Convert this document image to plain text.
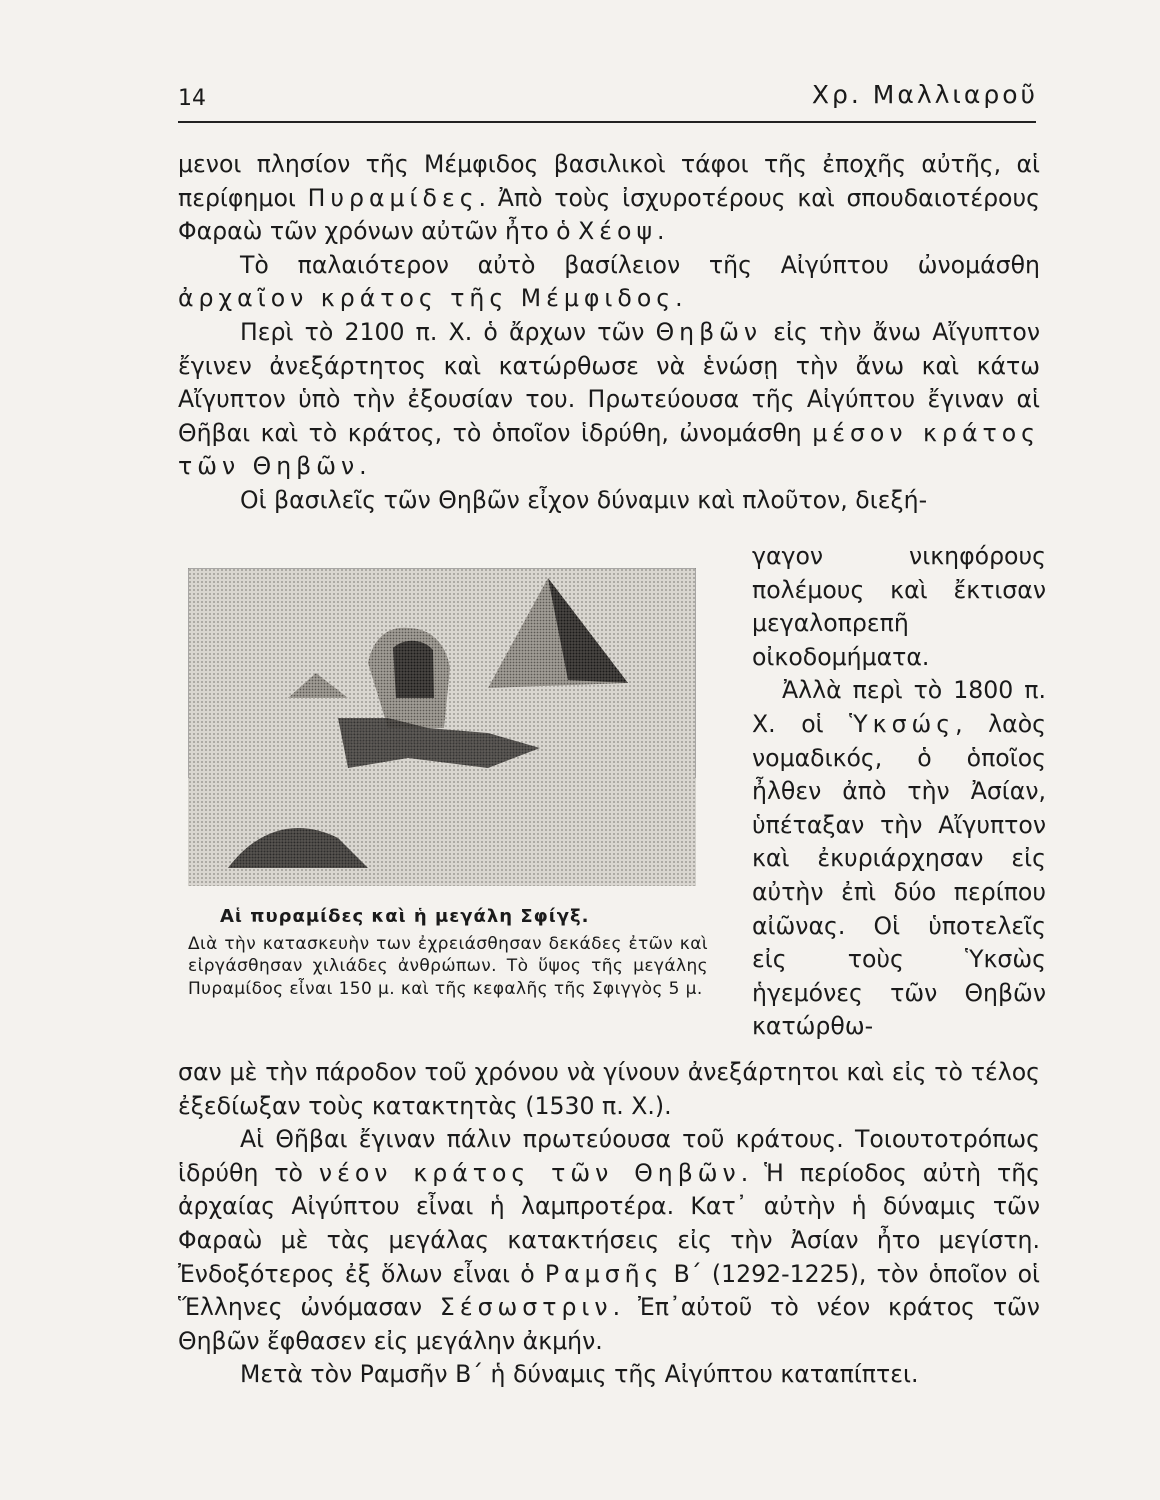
14	Χρ. Μαλλιαροῦ

μενοι πλησίον τῆς Μέμφιδος βασιλικοὶ τάφοι τῆς ἐποχῆς αὐτῆς, αἱ περίφημοι Πυραμίδες. Ἀπὸ τοὺς ἰσχυροτέρους καὶ σπουδαιοτέρους Φαραὼ τῶν χρόνων αὐτῶν ἦτο ὁ Χέοψ.

Τὸ παλαιότερον αὐτὸ βασίλειον τῆς Αἰγύπτου ὠνομάσθη ἀρχαῖον κράτος τῆς Μέμφιδος.

Περὶ τὸ 2100 π. Χ. ὁ ἄρχων τῶν Θηβῶν εἰς τὴν ἄνω Αἴγυπτον ἔγινεν ἀνεξάρτητος καὶ κατώρθωσε νὰ ἑνώσῃ τὴν ἄνω καὶ κάτω Αἴγυπτον ὑπὸ τὴν ἐξουσίαν του. Πρωτεύουσα τῆς Αἰγύπτου ἔγιναν αἱ Θῆβαι καὶ τὸ κράτος, τὸ ὁποῖον ἱδρύθη, ὠνομάσθη μέσον κράτος τῶν Θηβῶν.

Οἱ βασιλεῖς τῶν Θηβῶν εἶχον δύναμιν καὶ πλοῦτον, διεξή-

γαγον νικηφόρους πολέμους καὶ ἔκτισαν μεγαλοπρεπῆ οἰκοδομήματα.

Ἀλλὰ περὶ τὸ 1800 π. Χ. οἱ Ὑκσώς, λαὸς νομαδικός, ὁ ὁποῖος ἦλθεν ἀπὸ τὴν Ἀσίαν, ὑπέταξαν τὴν Αἴγυπτον καὶ ἐκυριάρχησαν εἰς αὐτὴν ἐπὶ δύο περίπου αἰῶνας. Οἱ ὑποτελεῖς εἰς τοὺς Ὑκσὼς ἡγεμόνες τῶν Θηβῶν κατώρθω-

Αἱ πυραμίδες καὶ ἡ μεγάλη Σφίγξ.
Διὰ τὴν κατασκευὴν των ἐχρειάσθησαν δεκάδες ἐτῶν καὶ εἰργάσθησαν χιλιάδες ἀνθρώπων. Τὸ ὕψος τῆς μεγάλης Πυραμίδος εἶναι 150 μ. καὶ τῆς κεφαλῆς τῆς Σφιγγὸς 5 μ.

σαν μὲ τὴν πάροδον τοῦ χρόνου νὰ γίνουν ἀνεξάρτητοι καὶ εἰς τὸ τέλος ἐξεδίωξαν τοὺς κατακτητὰς (1530 π. Χ.).

Αἱ Θῆβαι ἔγιναν πάλιν πρωτεύουσα τοῦ κράτους. Τοιουτοτρόπως ἱδρύθη τὸ νέον κράτος τῶν Θηβῶν. Ἡ περίοδος αὐτὴ τῆς ἀρχαίας Αἰγύπτου εἶναι ἡ λαμπροτέρα. Κατ᾿ αὐτὴν ἡ δύναμις τῶν Φαραὼ μὲ τὰς μεγάλας κατακτήσεις εἰς τὴν Ἀσίαν ἦτο μεγίστη. Ἐνδοξότερος ἐξ ὅλων εἶναι ὁ Ραμσῆς Β´ (1292-1225), τὸν ὁποῖον οἱ Ἕλληνες ὠνόμασαν Σέσωστριν. Ἐπ᾿αὐτοῦ τὸ νέον κράτος τῶν Θηβῶν ἔφθασεν εἰς μεγάλην ἀκμήν.

Μετὰ τὸν Ραμσῆν Β´ ἡ δύναμις τῆς Αἰγύπτου καταπίπτει.
